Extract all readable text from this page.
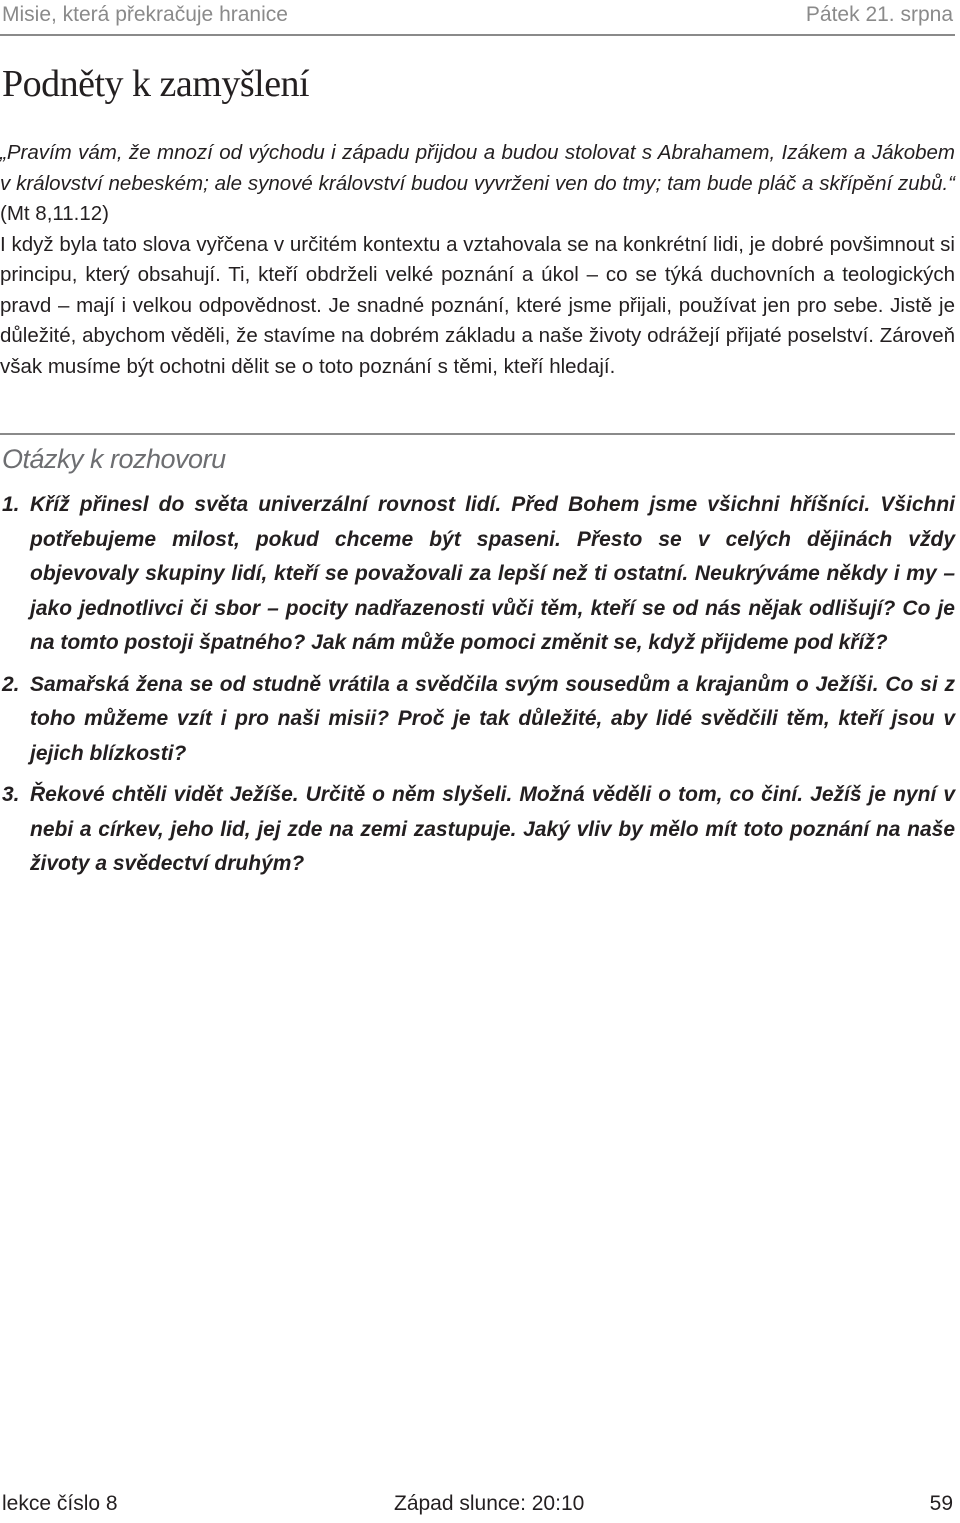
Misie, která překračuje hranice	Pátek 21. srpna
Podněty k zamyšlení

„Pravím vám, že mnozí od východu i západu přijdou a budou stolovat s Abrahamem, Izákem a Jákobem v království nebeském; ale synové království budou vyvrženi ven do tmy; tam bude pláč a skřípění zubů.“ (Mt 8,11.12)

I když byla tato slova vyřčena v určitém kontextu a vztahovala se na konkrétní lidi, je dobré povšimnout si principu, který obsahují. Ti, kteří obdrželi velké poznání a úkol – co se týká duchovních a teologických pravd – mají i velkou odpovědnost. Je snadné poznání, které jsme přijali, používat jen pro sebe. Jistě je důležité, abychom věděli, že stavíme na dobrém základu a naše životy odrážejí přijaté poselství. Zároveň však musíme být ochotni dělit se o toto poznání s těmi, kteří hledají.

Otázky k rozhovoru
1. Kříž přinesl do světa univerzální rovnost lidí. Před Bohem jsme všichni hříšníci. Všichni potřebujeme milost, pokud chceme být spaseni. Přesto se v celých dějinách vždy objevovaly skupiny lidí, kteří se považovali za lepší než ti ostatní. Neukrýváme někdy i my – jako jednotlivci či sbor – pocity nadřazenosti vůči těm, kteří se od nás nějak odlišují? Co je na tomto postoji špatného? Jak nám může pomoci změnit se, když přijdeme pod kříž?
2. Samařská žena se od studně vrátila a svědčila svým sousedům a krajanům o Ježíši. Co si z toho můžeme vzít i pro naši misii? Proč je tak důležité, aby lidé svědčili těm, kteří jsou v jejich blízkosti?
3. Řekové chtěli vidět Ježíše. Určitě o něm slyšeli. Možná věděli o tom, co činí. Ježíš je nyní v nebi a církev, jeho lid, jej zde na zemi zastupuje. Jaký vliv by mělo mít toto poznání na naše životy a svědectví druhým?
lekce číslo 8	Západ slunce: 20:10	59
